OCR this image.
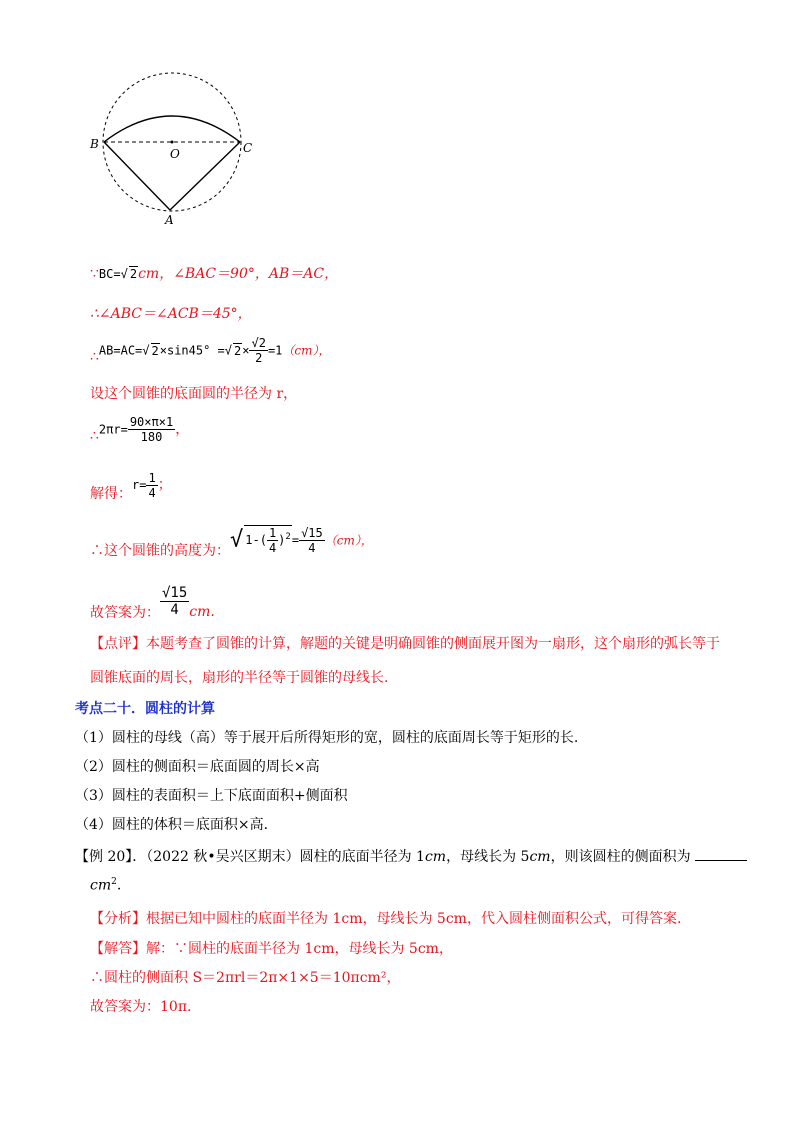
B
O	C
A
∵BC=√ 2cm，∠BAC＝90°，AB＝AC，
∴∠ABC＝∠ACB＝45°，
∴AB=AC=√ 2×sin45° =√ $2\times \frac{√2}{2} =1(cm)$，
设这个圆锥的底面圆的半径为 r，
∴2πr= $\frac{90\times\pi\times 1}{180}$ ，
解得：$r= \frac{1}{4}$ ；
∴这个圆锥的高度为：√ $1-( \frac{1}{4} )^2= \frac{√15}{4} (cm)$，
故答案为： $\frac{√15}{4}$ cm.
【点评】本题考查了圆锥的计算，解题的关键是明确圆锥的侧面展开图为一扇形，这个扇形的弧长等于
圆锥底面的周长，扇形的半径等于圆锥的母线长.
考点二十．圆柱的计算
（1）圆柱的母线（高）等于展开后所得矩形的宽，圆柱的底面周长等于矩形的长.
（2）圆柱的侧面积＝底面圆的周长×高
（3）圆柱的表面积＝上下底面面积+侧面积
（4）圆柱的体积＝底面积×高.
【例 20】．（2022 秋•吴兴区期末）圆柱的底面半径为 1cm，母线长为 5cm，则该圆柱的侧面积为
$cm^2$.
【分析】根据已知中圆柱的底面半径为 1cm，母线长为 5cm，代入圆柱侧面积公式，可得答案.
【解答】解：∵圆柱的底面半径为 1cm，母线长为 5cm，
∴圆柱的侧面积 S＝2πrl＝2π×1×5＝10πcm²，
故答案为：10π.
